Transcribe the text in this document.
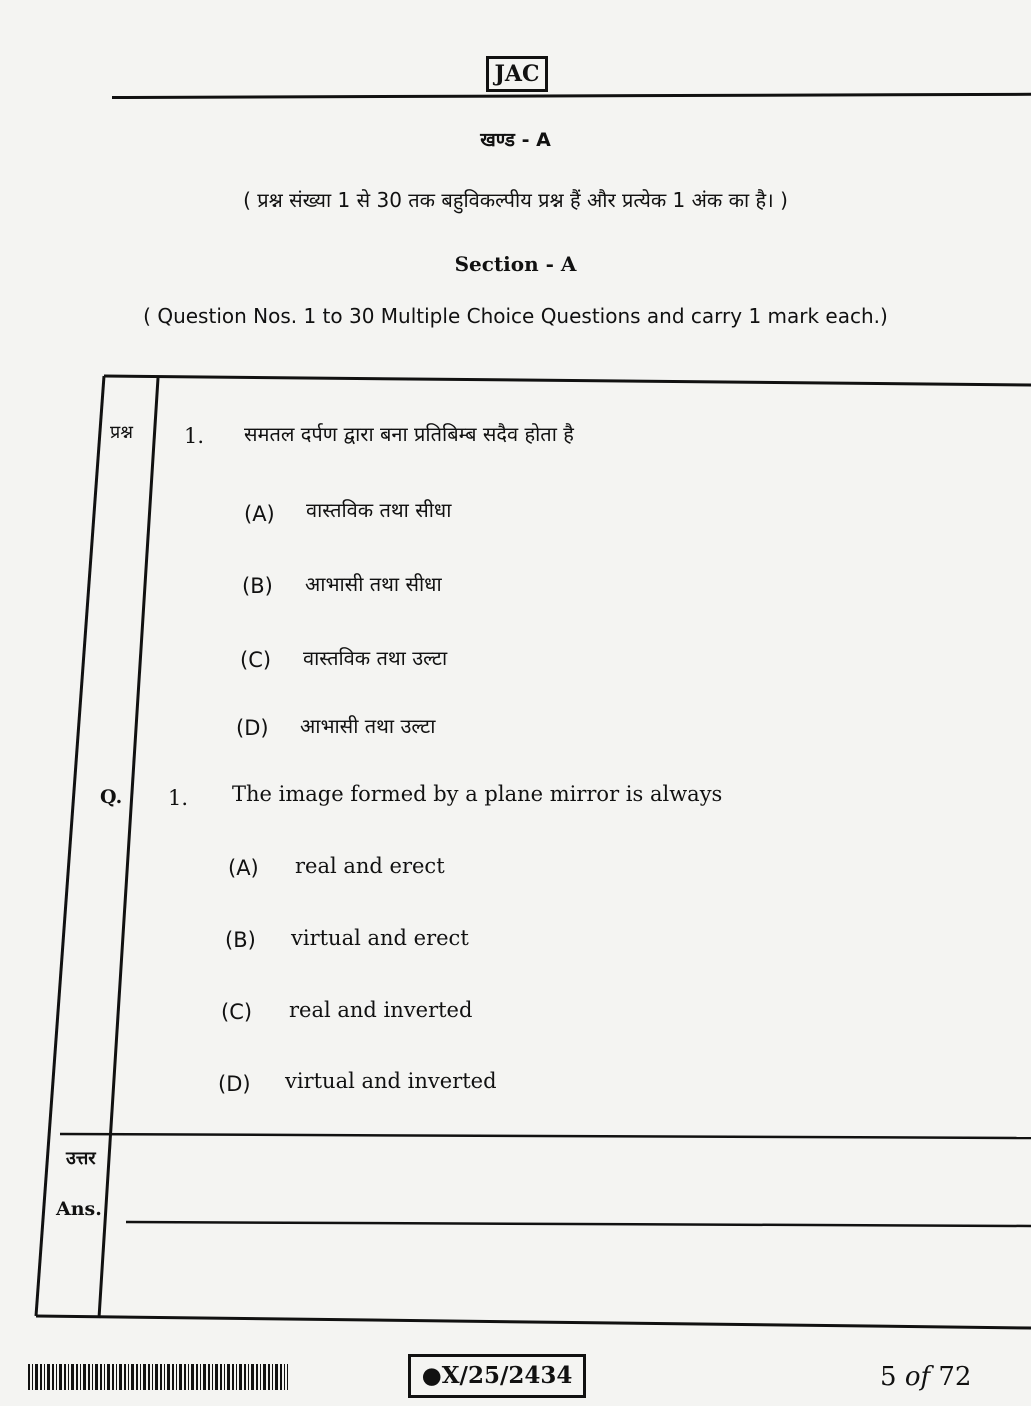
JAC
खण्ड - A
( प्रश्न संख्या 1 से 30 तक बहुविकल्पीय प्रश्न हैं और प्रत्येक 1 अंक का है। )
Section - A
( Question Nos. 1 to 30 Multiple Choice Questions and carry 1 mark each.)
प्रश्न 1. समतल दर्पण द्वारा बना प्रतिबिम्ब सदैव होता है
(A) वास्तविक तथा सीधा
(B) आभासी तथा सीधा
(C) वास्तविक तथा उल्टा
(D) आभासी तथा उल्टा
Q. 1. The image formed by a plane mirror is always
(A) real and erect
(B) virtual and erect
(C) real and inverted
(D) virtual and inverted
उत्तर
Ans.
●X/25/2434	5 of 72
